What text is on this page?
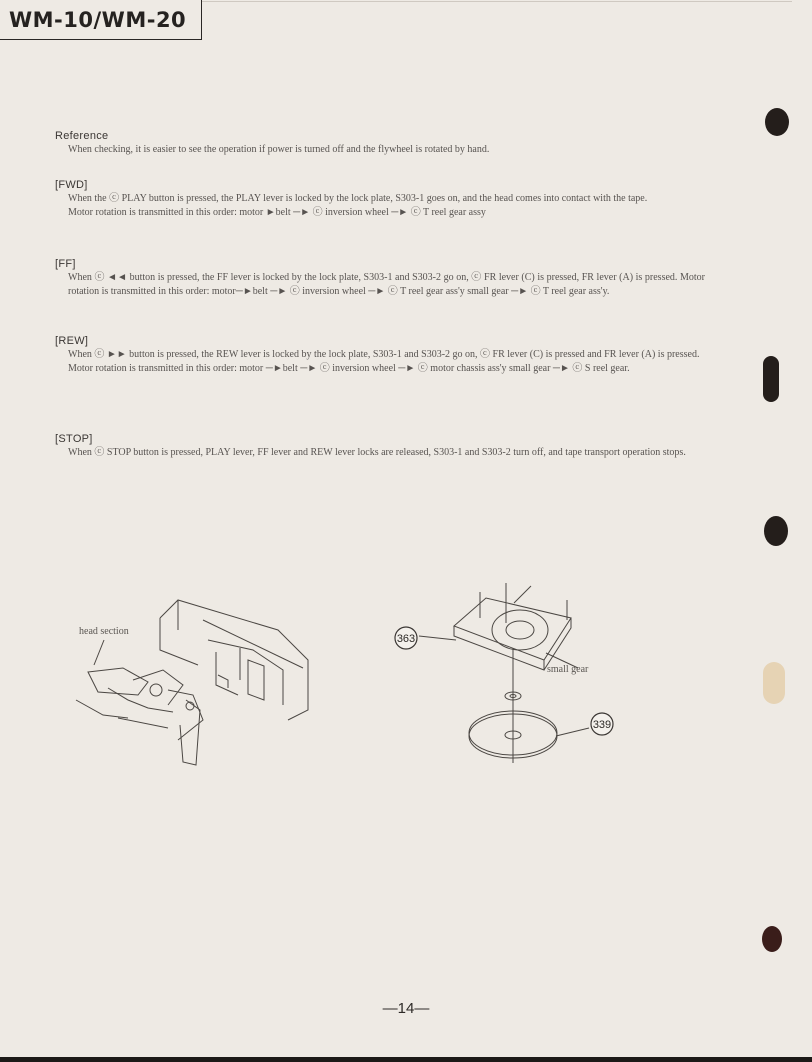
WM-10/WM-20
Reference
When checking, it is easier to see the operation if power is turned off and the flywheel is rotated by hand.
[FWD]
When the ⓒ PLAY button is pressed, the PLAY lever is locked by the lock plate, S303-1 goes on, and the head comes into contact with the tape.
Motor rotation is transmitted in this order: motor ►belt ─► ⓒ inversion wheel ─► ⓒ T reel gear assy
[FF]
When ⓒ ◄◄ button is pressed, the FF lever is locked by the lock plate, S303-1 and S303-2 go on, ⓒ FR lever (C) is pressed, FR lever (A) is pressed. Motor rotation is transmitted in this order: motor─►belt ─► ⓒ inversion wheel ─► ⓒ T reel gear ass'y small gear ─► ⓒ T reel gear ass'y.
[REW]
When ⓒ ►► button is pressed, the REW lever is locked by the lock plate, S303-1 and S303-2 go on, ⓒ FR lever (C) is pressed and FR lever (A) is pressed.
Motor rotation is transmitted in this order: motor ─►belt ─► ⓒ inversion wheel ─► ⓒ motor chassis ass'y small gear ─► ⓒ S reel gear.
[STOP]
When ⓒ STOP button is pressed, PLAY lever, FF lever and REW lever locks are released, S303-1 and S303-2 turn off, and tape transport operation stops.
head section
363
339
small gear
—14—
